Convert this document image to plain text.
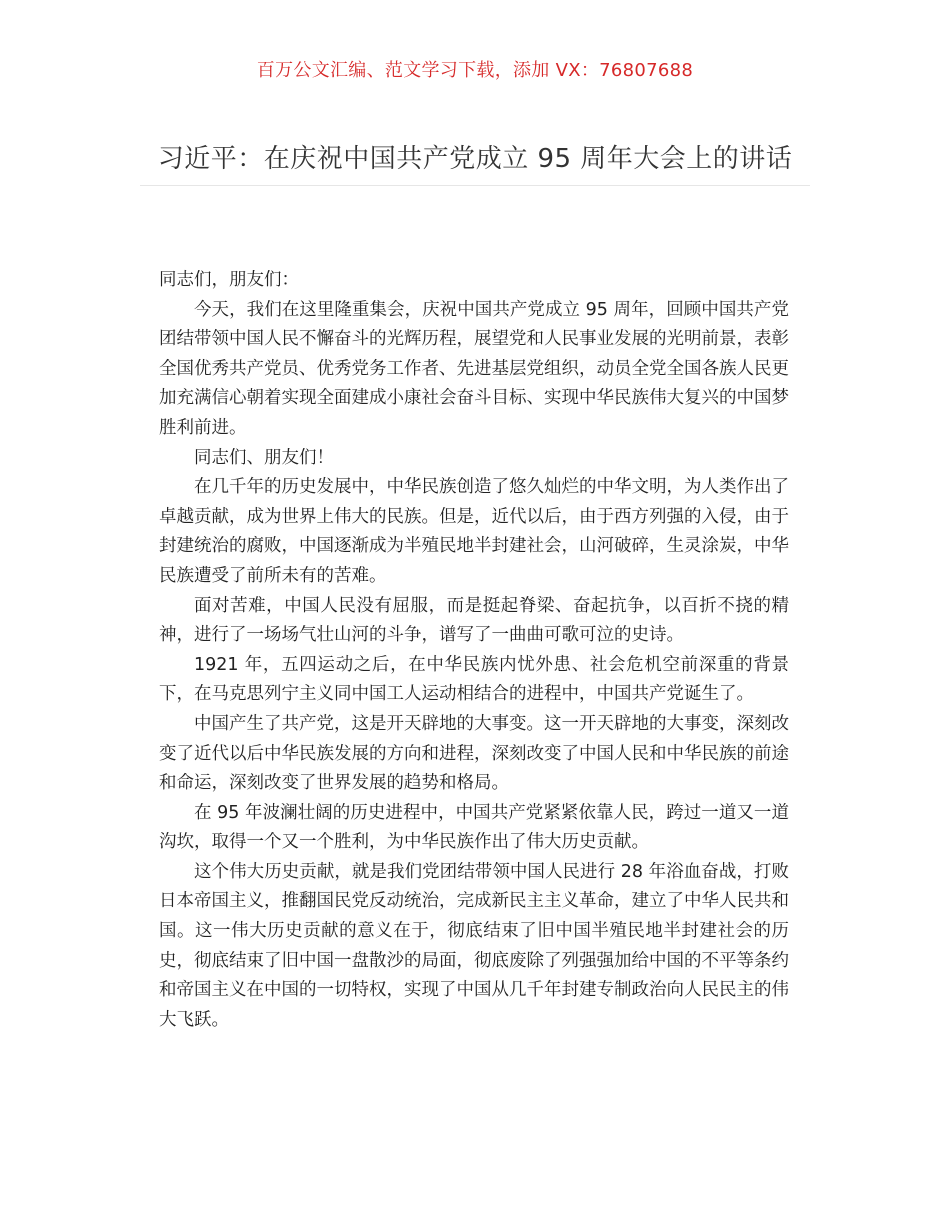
百万公文汇编、范文学习下载，添加 VX：76807688
习近平：在庆祝中国共产党成立 95 周年大会上的讲话

同志们，朋友们：

今天，我们在这里隆重集会，庆祝中国共产党成立 95 周年，回顾中国共产党团结带领中国人民不懈奋斗的光辉历程，展望党和人民事业发展的光明前景，表彰全国优秀共产党员、优秀党务工作者、先进基层党组织，动员全党全国各族人民更加充满信心朝着实现全面建成小康社会奋斗目标、实现中华民族伟大复兴的中国梦胜利前进。

同志们、朋友们！

在几千年的历史发展中，中华民族创造了悠久灿烂的中华文明，为人类作出了卓越贡献，成为世界上伟大的民族。但是，近代以后，由于西方列强的入侵，由于封建统治的腐败，中国逐渐成为半殖民地半封建社会，山河破碎，生灵涂炭，中华民族遭受了前所未有的苦难。

面对苦难，中国人民没有屈服，而是挺起脊梁、奋起抗争，以百折不挠的精神，进行了一场场气壮山河的斗争，谱写了一曲曲可歌可泣的史诗。

1921 年，五四运动之后，在中华民族内忧外患、社会危机空前深重的背景下，在马克思列宁主义同中国工人运动相结合的进程中，中国共产党诞生了。

中国产生了共产党，这是开天辟地的大事变。这一开天辟地的大事变，深刻改变了近代以后中华民族发展的方向和进程，深刻改变了中国人民和中华民族的前途和命运，深刻改变了世界发展的趋势和格局。

在 95 年波澜壮阔的历史进程中，中国共产党紧紧依靠人民，跨过一道又一道沟坎，取得一个又一个胜利，为中华民族作出了伟大历史贡献。

这个伟大历史贡献，就是我们党团结带领中国人民进行 28 年浴血奋战，打败日本帝国主义，推翻国民党反动统治，完成新民主主义革命，建立了中华人民共和国。这一伟大历史贡献的意义在于，彻底结束了旧中国半殖民地半封建社会的历史，彻底结束了旧中国一盘散沙的局面，彻底废除了列强强加给中国的不平等条约和帝国主义在中国的一切特权，实现了中国从几千年封建专制政治向人民民主的伟大飞跃。
